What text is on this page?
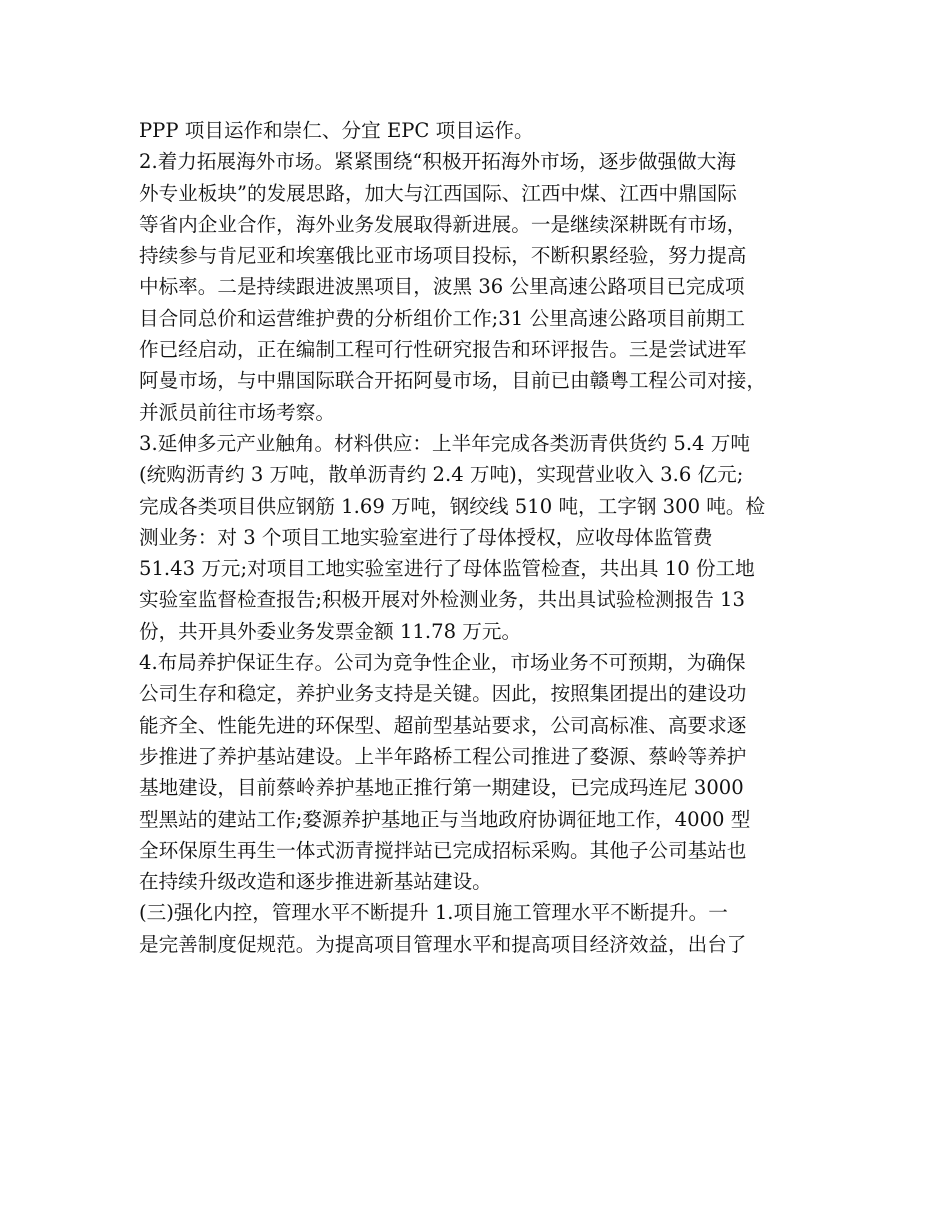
PPP 项目运作和崇仁、分宜 EPC 项目运作。
2.着力拓展海外市场。紧紧围绕“积极开拓海外市场，逐步做强做大海
外专业板块”的发展思路，加大与江西国际、江西中煤、江西中鼎国际
等省内企业合作，海外业务发展取得新进展。一是继续深耕既有市场，
持续参与肯尼亚和埃塞俄比亚市场项目投标，不断积累经验，努力提高
中标率。二是持续跟进波黑项目，波黑 36 公里高速公路项目已完成项
目合同总价和运营维护费的分析组价工作;31 公里高速公路项目前期工
作已经启动，正在编制工程可行性研究报告和环评报告。三是尝试进军
阿曼市场，与中鼎国际联合开拓阿曼市场，目前已由赣粤工程公司对接，
并派员前往市场考察。
3.延伸多元产业触角。材料供应：上半年完成各类沥青供货约 5.4 万吨
(统购沥青约 3 万吨，散单沥青约 2.4 万吨)，实现营业收入 3.6 亿元;
完成各类项目供应钢筋 1.69 万吨，钢绞线 510 吨，工字钢 300 吨。检
测业务：对 3 个项目工地实验室进行了母体授权，应收母体监管费
51.43 万元;对项目工地实验室进行了母体监管检查，共出具 10 份工地
实验室监督检查报告;积极开展对外检测业务，共出具试验检测报告 13
份，共开具外委业务发票金额 11.78 万元。
4.布局养护保证生存。公司为竞争性企业，市场业务不可预期，为确保
公司生存和稳定，养护业务支持是关键。因此，按照集团提出的建设功
能齐全、性能先进的环保型、超前型基站要求，公司高标准、高要求逐
步推进了养护基站建设。上半年路桥工程公司推进了婺源、蔡岭等养护
基地建设，目前蔡岭养护基地正推行第一期建设，已完成玛连尼 3000
型黑站的建站工作;婺源养护基地正与当地政府协调征地工作，4000 型
全环保原生再生一体式沥青搅拌站已完成招标采购。其他子公司基站也
在持续升级改造和逐步推进新基站建设。
(三)强化内控，管理水平不断提升 1.项目施工管理水平不断提升。一
是完善制度促规范。为提高项目管理水平和提高项目经济效益，出台了
